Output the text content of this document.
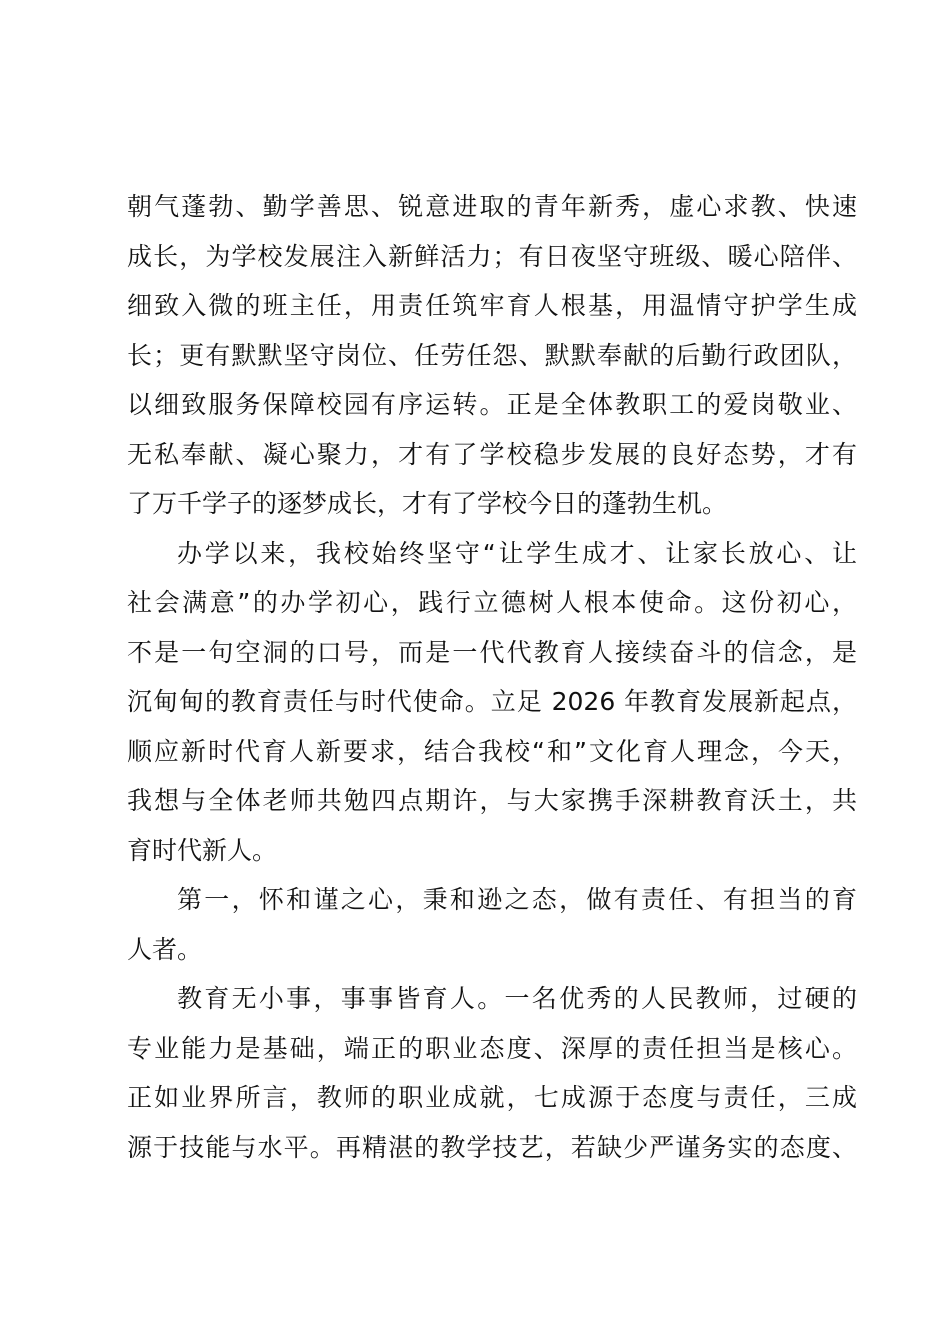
朝气蓬勃、勤学善思、锐意进取的青年新秀，虚心求教、快速
成长，为学校发展注入新鲜活力；有日夜坚守班级、暖心陪伴、
细致入微的班主任，用责任筑牢育人根基，用温情守护学生成
长；更有默默坚守岗位、任劳任怨、默默奉献的后勤行政团队，
以细致服务保障校园有序运转。正是全体教职工的爱岗敬业、
无私奉献、凝心聚力，才有了学校稳步发展的良好态势，才有
了万千学子的逐梦成长，才有了学校今日的蓬勃生机。
办学以来，我校始终坚守“让学生成才、让家长放心、让
社会满意”的办学初心，践行立德树人根本使命。这份初心，
不是一句空洞的口号，而是一代代教育人接续奋斗的信念，是
沉甸甸的教育责任与时代使命。立足 2026 年教育发展新起点，
顺应新时代育人新要求，结合我校“和”文化育人理念，今天，
我想与全体老师共勉四点期许，与大家携手深耕教育沃土，共
育时代新人。
第一，怀和谨之心，秉和逊之态，做有责任、有担当的育
人者。
教育无小事，事事皆育人。一名优秀的人民教师，过硬的
专业能力是基础，端正的职业态度、深厚的责任担当是核心。
正如业界所言，教师的职业成就，七成源于态度与责任，三成
源于技能与水平。再精湛的教学技艺，若缺少严谨务实的态度、
